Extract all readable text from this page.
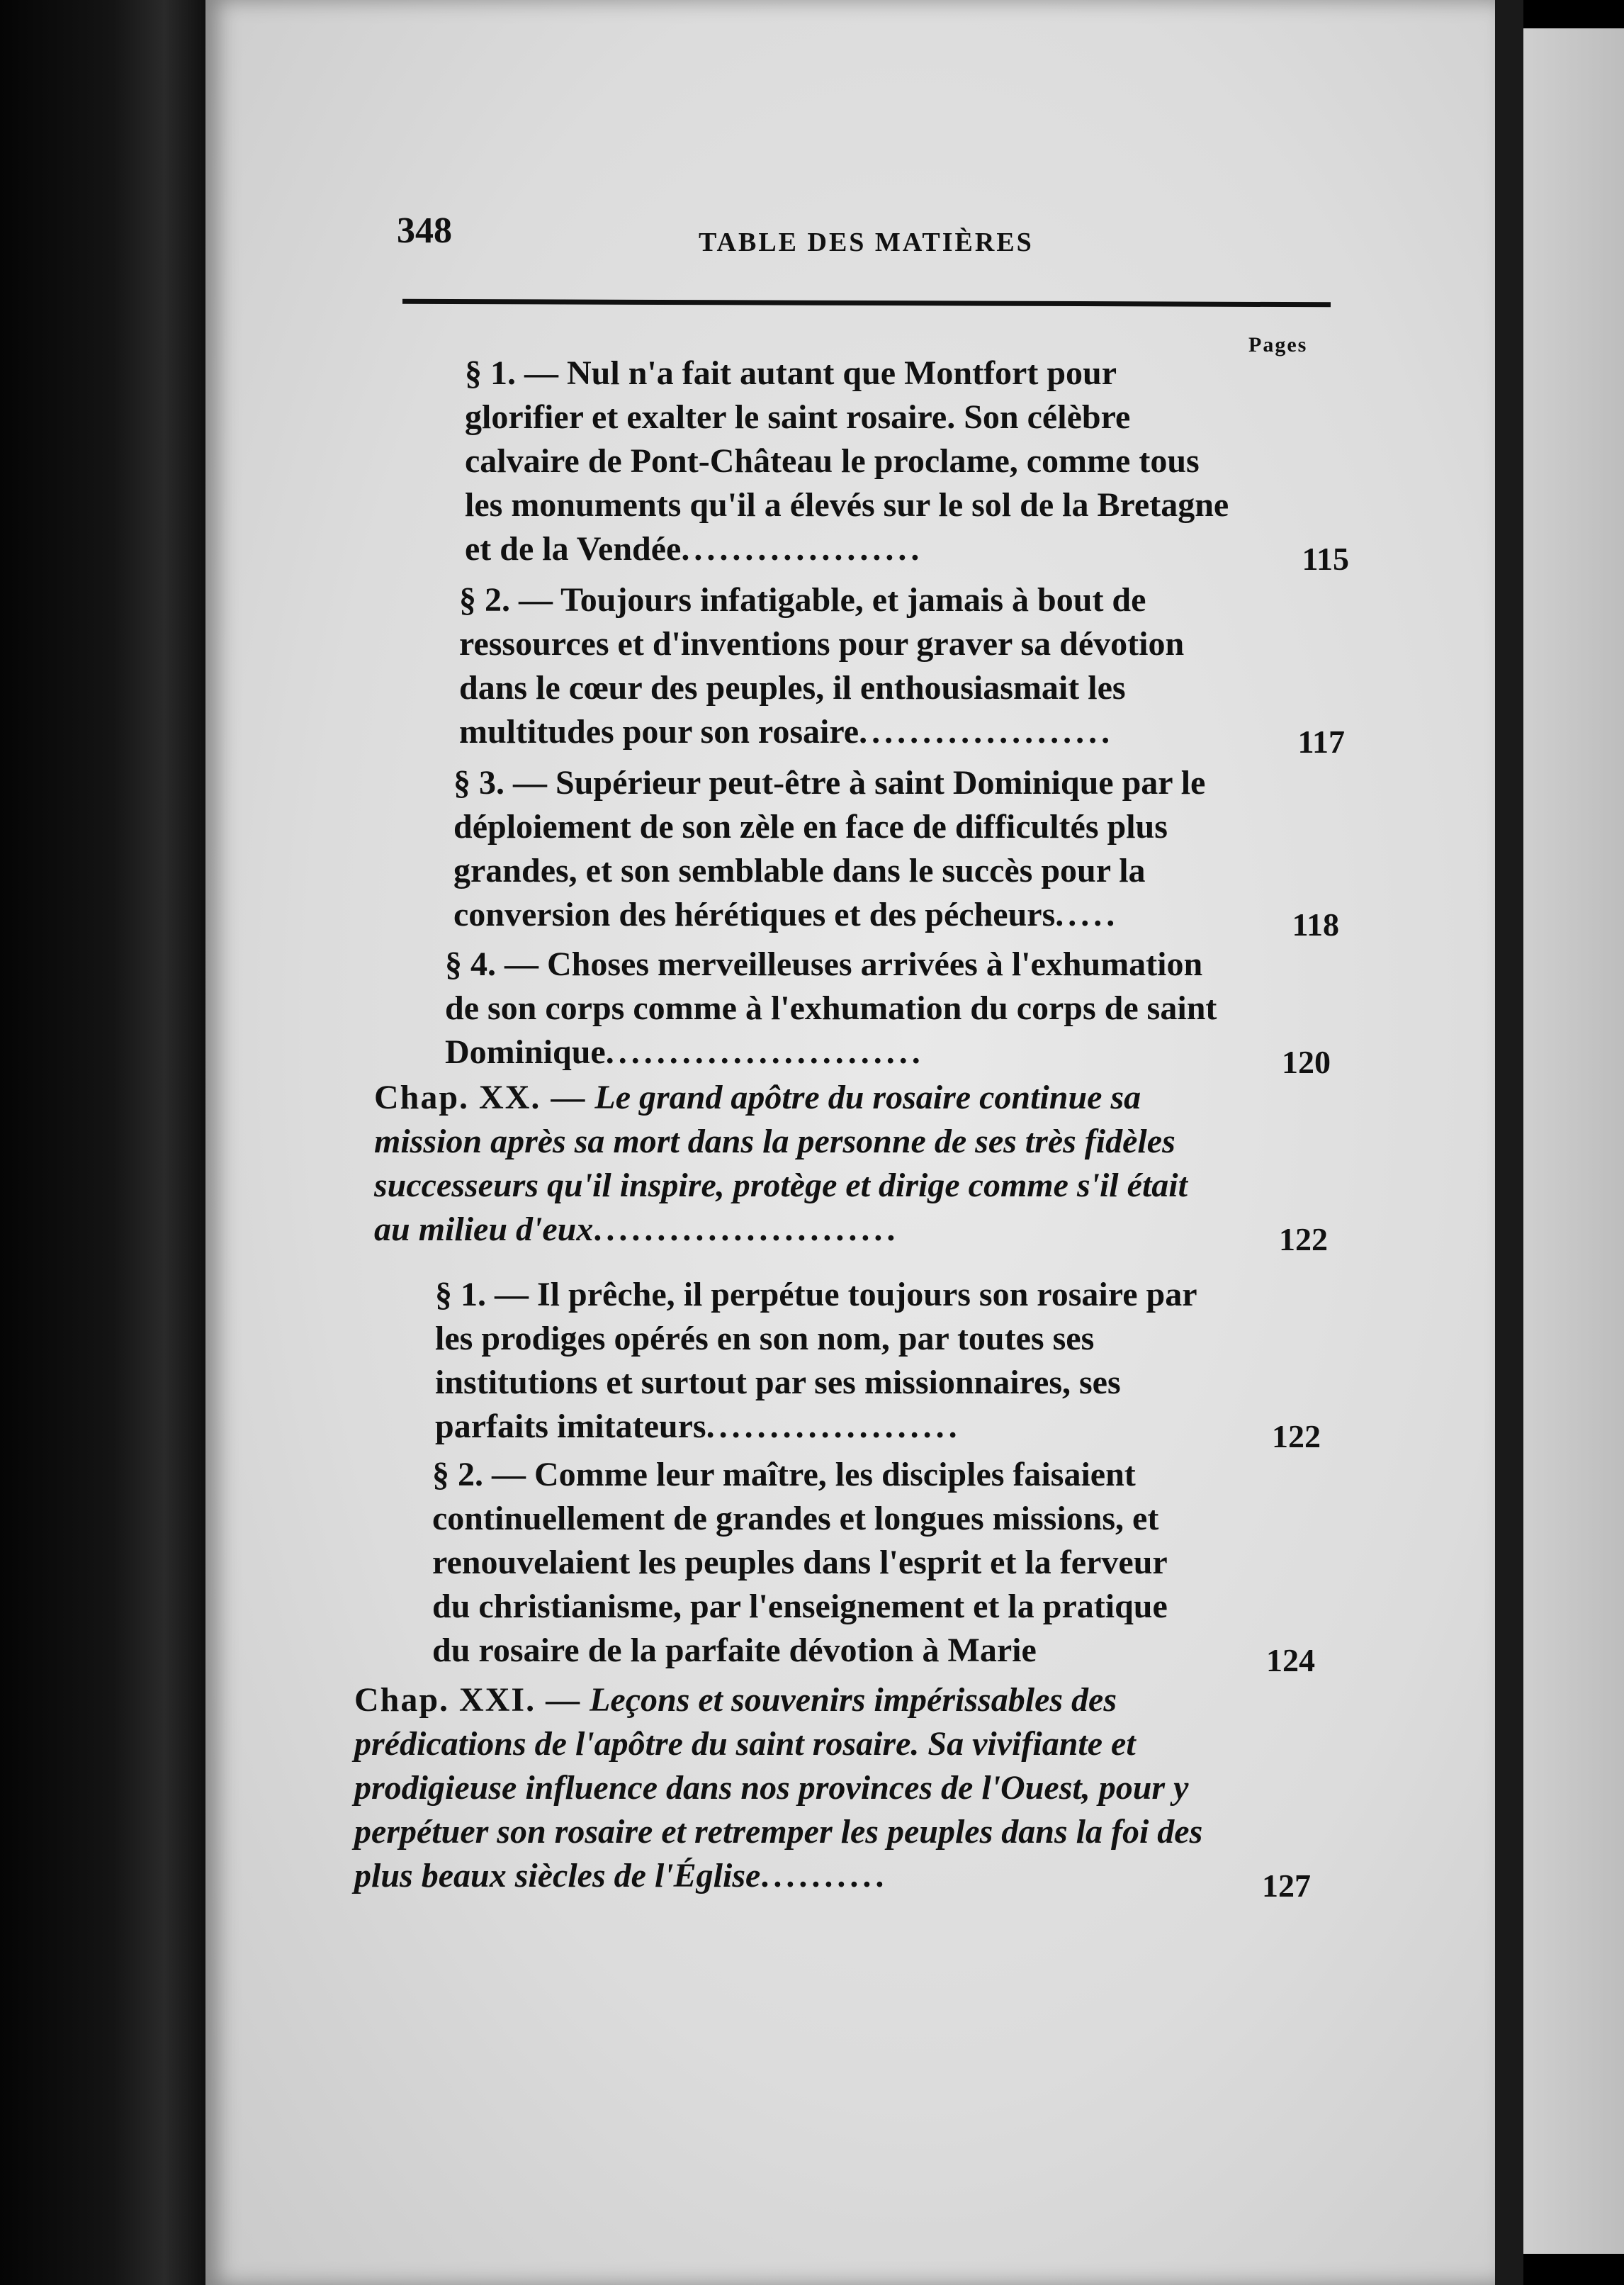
348	TABLE DES MATIÈRES
Pages
§ 1. — Nul n'a fait autant que Montfort pour glorifier et exalter le saint rosaire. Son célèbre calvaire de Pont-Château le proclame, comme tous les monuments qu'il a élevés sur le sol de la Bretagne et de la Vendée...................	115
§ 2. — Toujours infatigable, et jamais à bout de ressources et d'inventions pour graver sa dévotion dans le cœur des peuples, il enthousiasmait les multitudes pour son rosaire....................	117
§ 3. — Supérieur peut-être à saint Dominique par le déploiement de son zèle en face de difficultés plus grandes, et son semblable dans le succès pour la conversion des hérétiques et des pécheurs.....	118
§ 4. — Choses merveilleuses arrivées à l'exhumation de son corps comme à l'exhumation du corps de saint Dominique.........................	120
Chap. XX. — Le grand apôtre du rosaire continue sa mission après sa mort dans la personne de ses très fidèles successeurs qu'il inspire, protège et dirige comme s'il était au milieu d'eux........................	122
§ 1. — Il prêche, il perpétue toujours son rosaire par les prodiges opérés en son nom, par toutes ses institutions et surtout par ses missionnaires, ses parfaits imitateurs....................	122
§ 2. — Comme leur maître, les disciples faisaient continuellement de grandes et longues missions, et renouvelaient les peuples dans l'esprit et la ferveur du christianisme, par l'enseignement et la pratique du rosaire de la parfaite dévotion à Marie	124
Chap. XXI. — Leçons et souvenirs impérissables des prédications de l'apôtre du saint rosaire. Sa vivifiante et prodigieuse influence dans nos provinces de l'Ouest, pour y perpétuer son rosaire et retremper les peuples dans la foi des plus beaux siècles de l'Église..........	127
